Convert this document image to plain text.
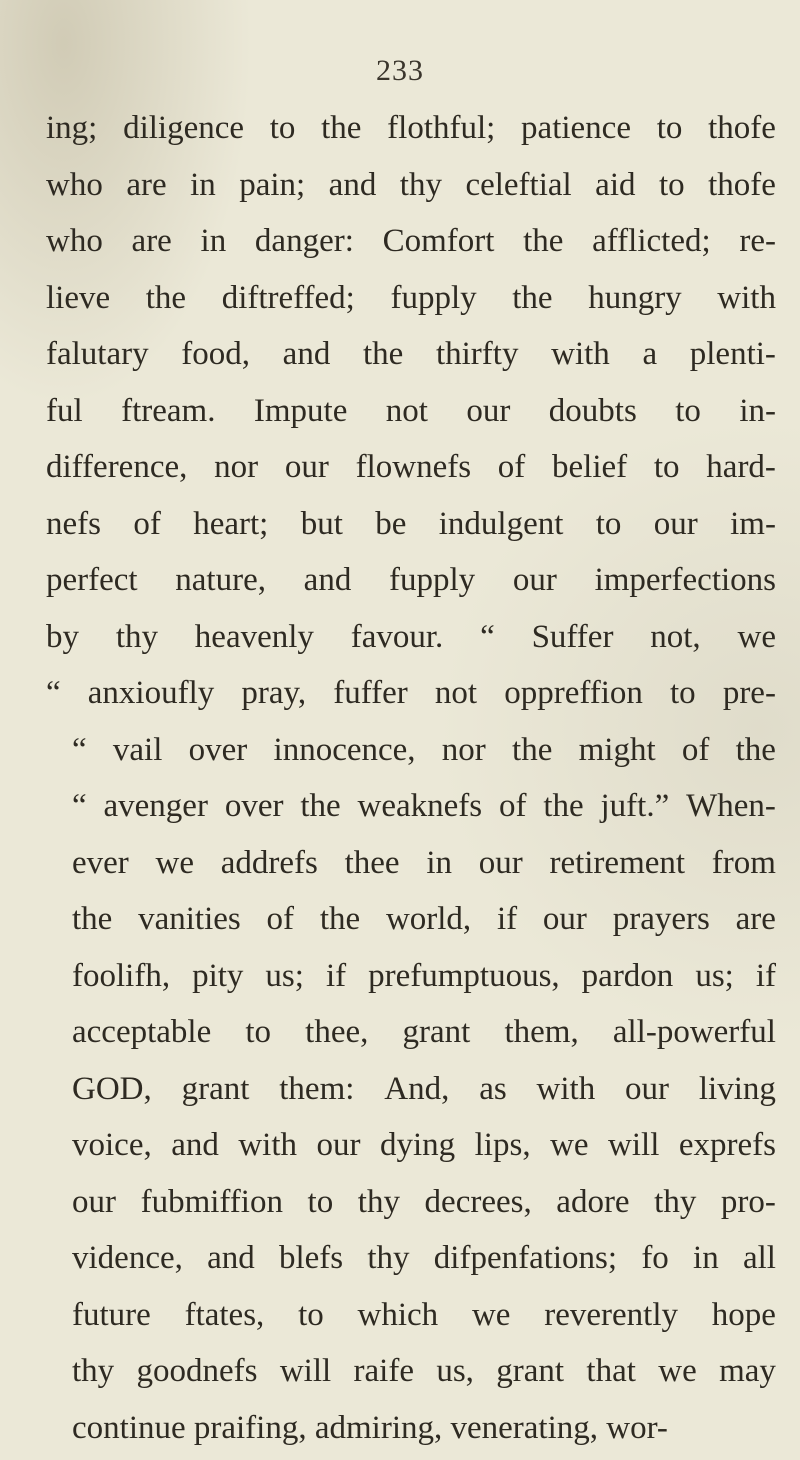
233
ing; diligence to the flothful; patience to thofe
who are in pain; and thy celeftial aid to thofe
who are in danger: Comfort the afflicted; re-
lieve the diftreffed; fupply the hungry with
falutary food, and the thirfty with a plenti-
ful ftream. Impute not our doubts to in-
difference, nor our flownefs of belief to hard-
nefs of heart; but be indulgent to our im-
perfect nature, and fupply our imperfections
by thy heavenly favour. “ Suffer not, we
“ anxioufly pray, fuffer not oppreffion to pre-
“ vail over innocence, nor the might of the
“ avenger over the weaknefs of the juft.” When-
ever we addrefs thee in our retirement from
the vanities of the world, if our prayers are
foolifh, pity us; if prefumptuous, pardon us; if
acceptable to thee, grant them, all-powerful
GOD, grant them: And, as with our living
voice, and with our dying lips, we will exprefs
our fubmiffion to thy decrees, adore thy pro-
vidence, and blefs thy difpenfations; fo in all
future ftates, to which we reverently hope
thy goodnefs will raife us, grant that we may
continue praifing, admiring, venerating, wor-
